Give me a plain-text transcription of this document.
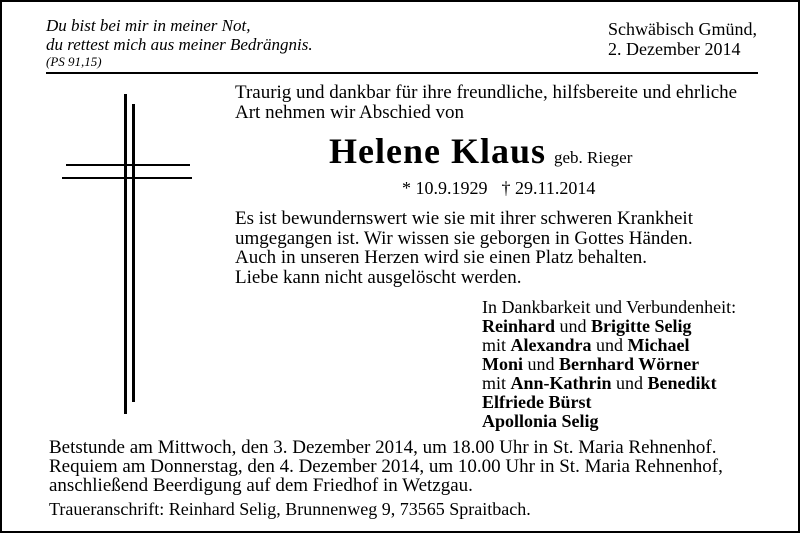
Du bist bei mir in meiner Not,
du rettest mich aus meiner Bedrängnis.
(PS 91,15)
Schwäbisch Gmünd,
2. Dezember 2014
Traurig und dankbar für ihre freundliche, hilfsbereite und ehrliche
Art nehmen wir Abschied von
Helene Klaus geb. Rieger
* 10.9.1929 † 29.11.2014
Es ist bewundernswert wie sie mit ihrer schweren Krankheit
umgegangen ist. Wir wissen sie geborgen in Gottes Händen.
Auch in unseren Herzen wird sie einen Platz behalten.
Liebe kann nicht ausgelöscht werden.
In Dankbarkeit und Verbundenheit:
Reinhard und Brigitte Selig
mit Alexandra und Michael
Moni und Bernhard Wörner
mit Ann-Kathrin und Benedikt
Elfriede Bürst
Apollonia Selig
Betstunde am Mittwoch, den 3. Dezember 2014, um 18.00 Uhr in St. Maria Rehnenhof.
Requiem am Donnerstag, den 4. Dezember 2014, um 10.00 Uhr in St. Maria Rehnenhof,
anschließend Beerdigung auf dem Friedhof in Wetzgau.
Traueranschrift: Reinhard Selig, Brunnenweg 9, 73565 Spraitbach.
